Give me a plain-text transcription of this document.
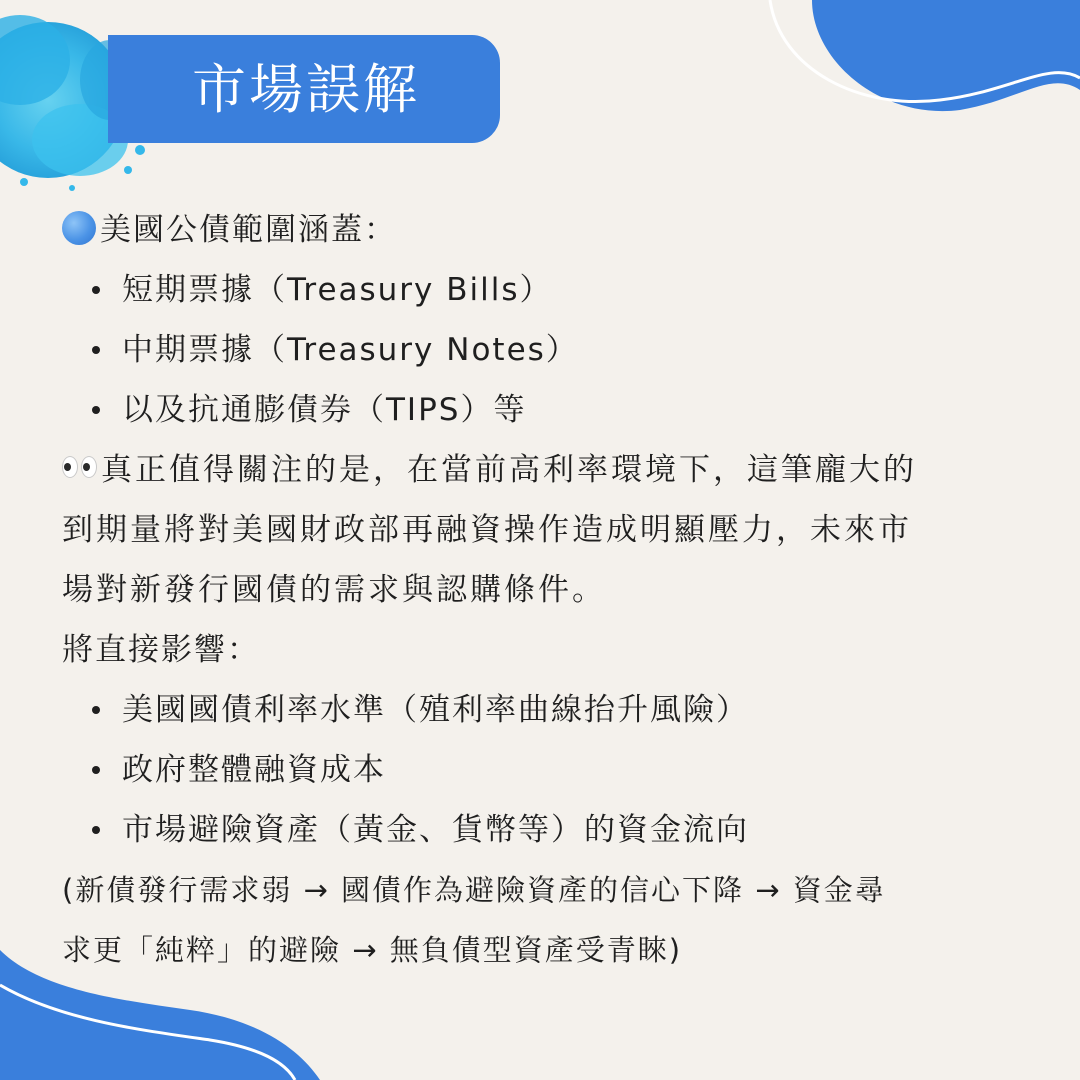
市場誤解
美國公債範圍涵蓋：
短期票據（Treasury Bills）
中期票據（Treasury Notes）
以及抗通膨債券（TIPS）等
真正值得關注的是，在當前高利率環境下，這筆龐大的
到期量將對美國財政部再融資操作造成明顯壓力，未來市
場對新發行國債的需求與認購條件。
將直接影響：
美國國債利率水準（殖利率曲線抬升風險）
政府整體融資成本
市場避險資產（黃金、貨幣等）的資金流向
(新債發行需求弱 → 國債作為避險資產的信心下降 → 資金尋
求更「純粹」的避險 → 無負債型資產受青睞)
